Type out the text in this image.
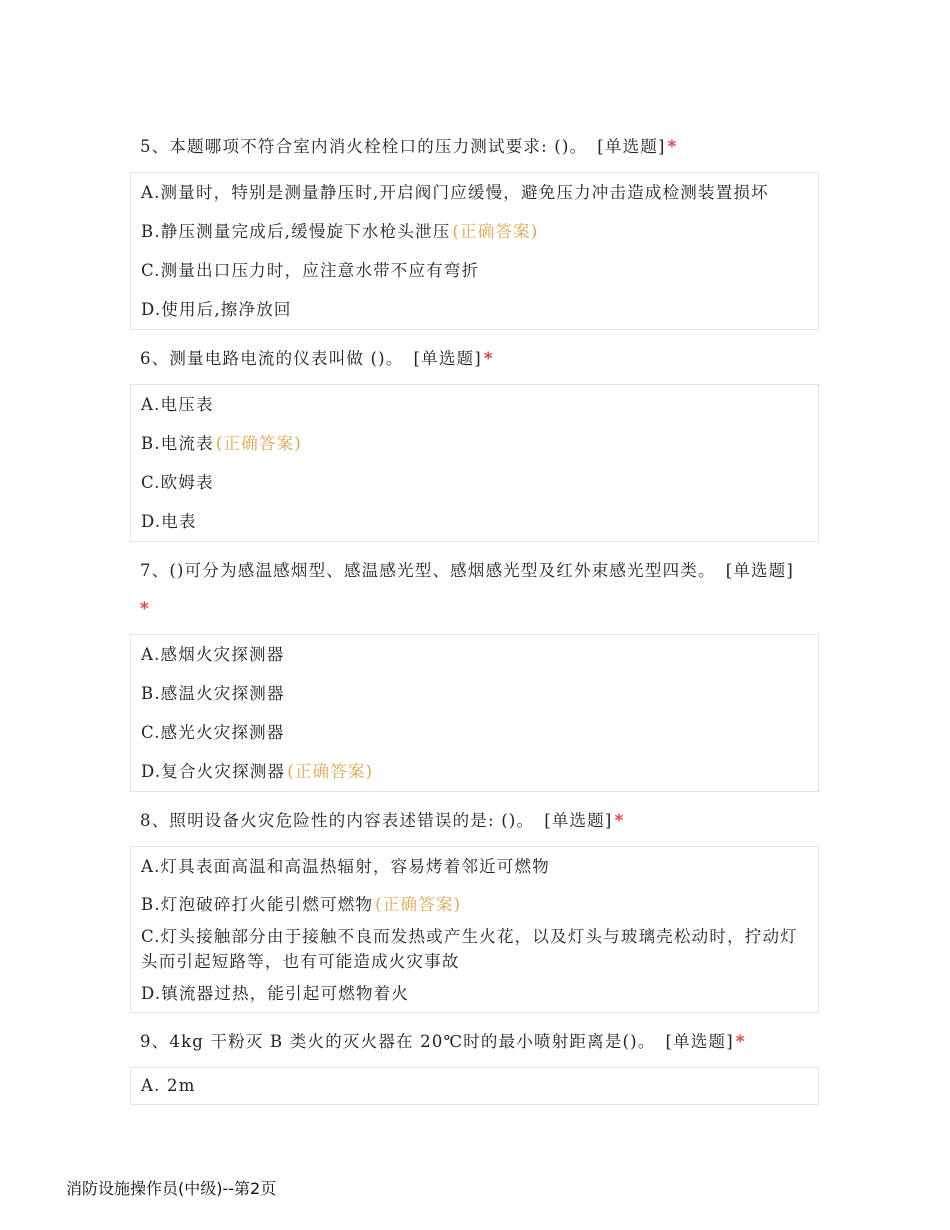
5、本题哪项不符合室内消火栓栓口的压力测试要求: ()。 [单选题] *

A.测量时，特别是测量静压时,开启阀门应缓慢，避免压力冲击造成检测装置损坏
B.静压测量完成后,缓慢旋下水枪头泄压 (正确答案)
C.测量出口压力时，应注意水带不应有弯折
D.使用后,擦净放回

6、测量电路电流的仪表叫做 ()。 [单选题] *

A.电压表
B.电流表 (正确答案)
C.欧姆表
D.电表

7、()可分为感温感烟型、感温感光型、感烟感光型及红外束感光型四类。 [单选题]
*

A.感烟火灾探测器
B.感温火灾探测器
C.感光火灾探测器
D.复合火灾探测器 (正确答案)

8、照明设备火灾危险性的内容表述错误的是: ()。 [单选题] *

A.灯具表面高温和高温热辐射，容易烤着邻近可燃物
B.灯泡破碎打火能引燃可燃物 (正确答案)
C.灯头接触部分由于接触不良而发热或产生火花，以及灯头与玻璃壳松动时，拧动灯头而引起短路等，也有可能造成火灾事故
D.镇流器过热，能引起可燃物着火

9、4kg 干粉灭 B 类火的灭火器在 20℃时的最小喷射距离是()。 [单选题] *

A. 2m
消防设施操作员(中级)--第2页
